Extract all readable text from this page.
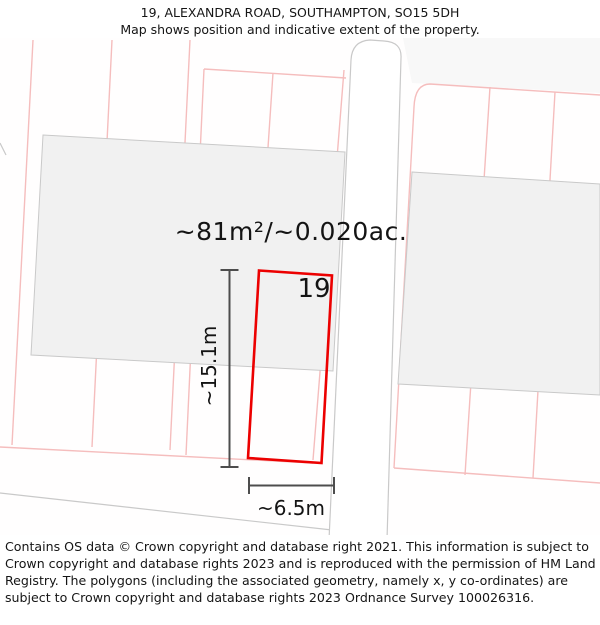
19, ALEXANDRA ROAD, SOUTHAMPTON, SO15 5DH
Map shows position and indicative extent of the property.
~81m²/~0.020ac.
19
~15.1m
~6.5m
Contains OS data © Crown copyright and database right 2021. This information is subject to Crown copyright and database rights 2023 and is reproduced with the permission of HM Land Registry. The polygons (including the associated geometry, namely x, y co-ordinates) are subject to Crown copyright and database rights 2023 Ordnance Survey 100026316.
